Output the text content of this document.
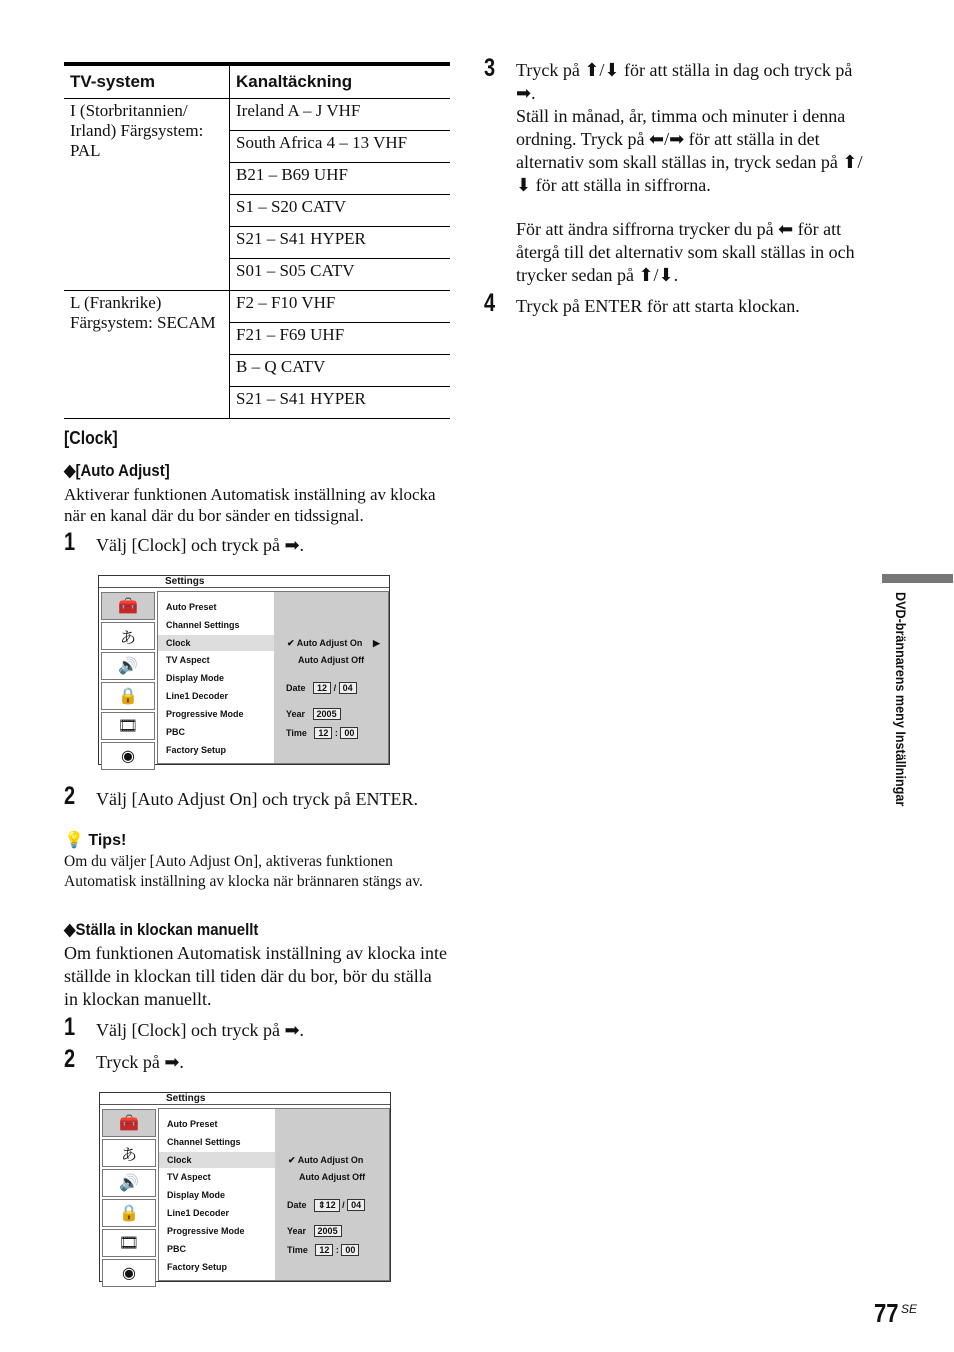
TV-system	Kanaltäckning
I (Storbritannien/ Irland) Färgsystem: PAL	Ireland A – J VHF
	South Africa 4 – 13 VHF
	B21 – B69 UHF
	S1 – S20 CATV
	S21 – S41 HYPER
	S01 – S05 CATV
L (Frankrike) Färgsystem: SECAM	F2 – F10 VHF
	F21 – F69 UHF
	B – Q CATV
	S21 – S41 HYPER
[Clock]
◆[Auto Adjust]
Aktiverar funktionen Automatisk inställning av klocka när en kanal där du bor sänder en tidssignal.
1 Välj [Clock] och tryck på ➡.
Settings
🧰
あ
🔊
🔒
🎞
◉
Auto Preset
Channel Settings
Clock
TV Aspect
Display Mode
Line1 Decoder
Progressive Mode
PBC
Factory Setup
✔ Auto Adjust On ▶
Auto Adjust Off
Date 12 / 04
Year 2005
Time 12 : 00
2 Välj [Auto Adjust On] och tryck på ENTER.
💡 Tips!
Om du väljer [Auto Adjust On], aktiveras funktionen Automatisk inställning av klocka när brännaren stängs av.
◆Ställa in klockan manuellt
Om funktionen Automatisk inställning av klocka inte ställde in klockan till tiden där du bor, bör du ställa in klockan manuellt.
1 Välj [Clock] och tryck på ➡.
2 Tryck på ➡.
Settings
🧰
あ
🔊
🔒
🎞
◉
Auto Preset
Channel Settings
Clock
TV Aspect
Display Mode
Line1 Decoder
Progressive Mode
PBC
Factory Setup
✔ Auto Adjust On
Auto Adjust Off
Date ⇕12 / 04
Year 2005
Time 12 : 00
3 Tryck på ⬆/⬇ för att ställa in dag och tryck på ➡.
Ställ in månad, år, timma och minuter i denna ordning. Tryck på ⬅/➡ för att ställa in det alternativ som skall ställas in, tryck sedan på ⬆/⬇ för att ställa in siffrorna.
För att ändra siffrorna trycker du på ⬅ för att återgå till det alternativ som skall ställas in och trycker sedan på ⬆/⬇.
4 Tryck på ENTER för att starta klockan.
DVD-brännarens meny Inställningar
77 SE
